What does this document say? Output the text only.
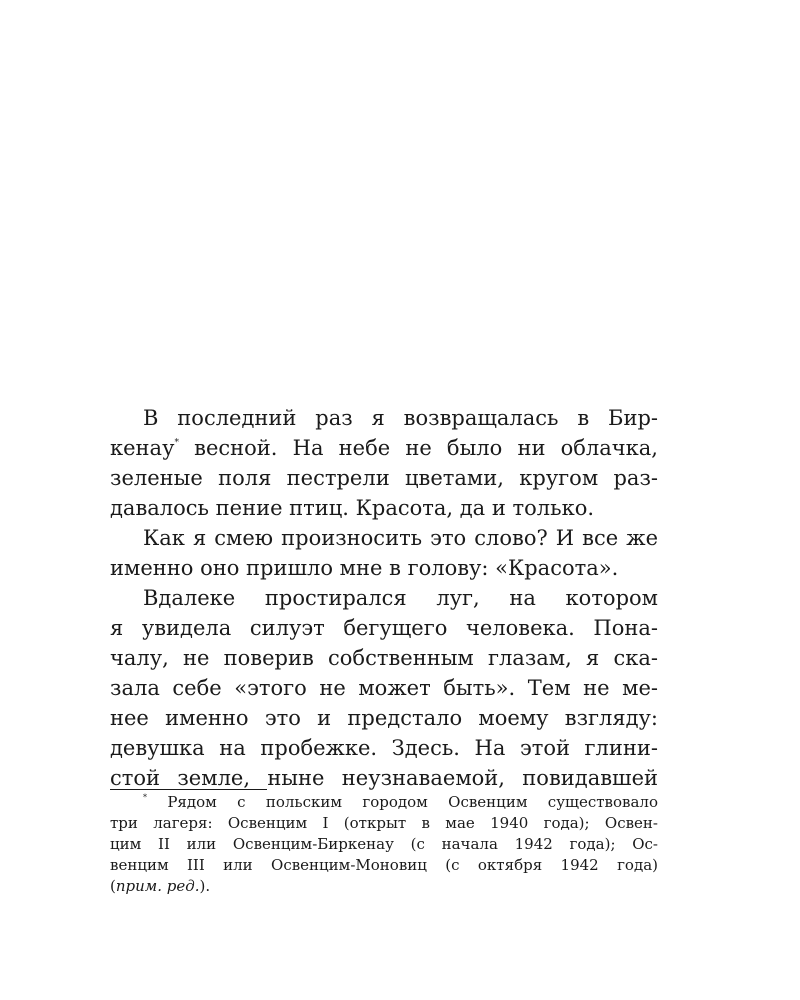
В последний раз я возвращалась в Бир-
кенау* весной. На небе не было ни облачка,
зеленые поля пестрели цветами, кругом раз-
давалось пение птиц. Красота, да и только.
Как я смею произносить это слово? И все же
именно оно пришло мне в голову: «Красота».
Вдалеке простирался луг, на котором
я увидела силуэт бегущего человека. Пона-
чалу, не поверив собственным глазам, я ска-
зала себе «этого не может быть». Тем не ме-
нее именно это и предстало моему взгляду:
девушка на пробежке. Здесь. На этой глини-
стой земле, ныне неузнаваемой, повидавшей
* Рядом с польским городом Освенцим существовало
три лагеря: Освенцим I (открыт в мае 1940 года); Освен-
цим II или Освенцим-Биркенау (с начала 1942 года); Ос-
венцим III или Освенцим-Моновиц (с октября 1942 года)
(прим. ред.).
